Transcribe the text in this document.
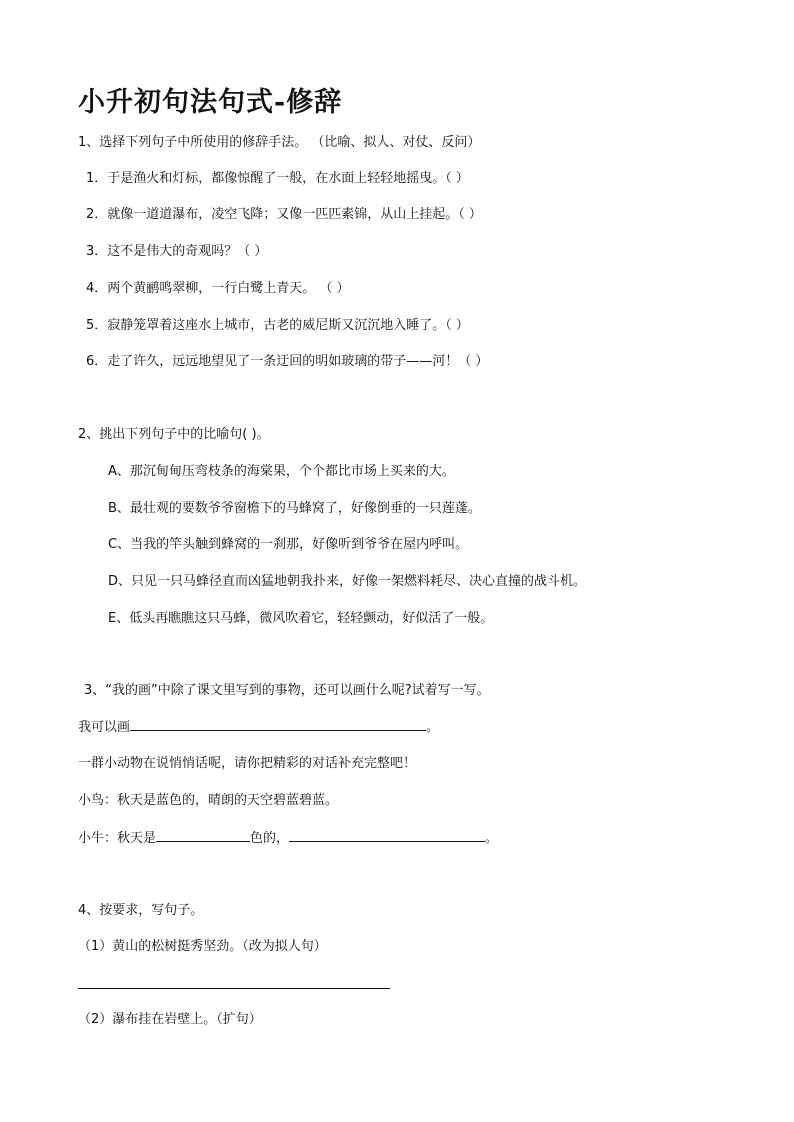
小升初句法句式-修辞
1、选择下列句子中所使用的修辞手法。 （比喻、拟人、对仗、反问）
1．于是渔火和灯标，都像惊醒了一般，在水面上轻轻地摇曳。（ ）
2．就像一道道瀑布，凌空飞降；又像一匹匹素锦，从山上挂起。（ ）
3．这不是伟大的奇观吗？（ ）
4．两个黄鹂鸣翠柳，一行白鹭上青天。 （ ）
5．寂静笼罩着这座水上城市，古老的威尼斯又沉沉地入睡了。（ ）
6．走了许久，远远地望见了一条迂回的明如玻璃的带子——河！（ ）
2、挑出下列句子中的比喻句( )。
A、那沉甸甸压弯枝条的海棠果，个个都比市场上买来的大。
B、最壮观的要数爷爷窗檐下的马蜂窝了，好像倒垂的一只莲蓬。
C、当我的竿头触到蜂窝的一刹那，好像听到爷爷在屋内呼叫。
D、只见一只马蜂径直而凶猛地朝我扑来，好像一架燃料耗尽、决心直撞的战斗机。
E、低头再瞧瞧这只马蜂，微风吹着它，轻轻颤动，好似活了一般。
3、“我的画”中除了课文里写到的事物，还可以画什么呢?试着写一写。
我可以画	。
一群小动物在说悄悄话呢，请你把精彩的对话补充完整吧！
小鸟：秋天是蓝色的，晴朗的天空碧蓝碧蓝。
小牛：秋天是	色的，	。
4、按要求，写句子。
（1）黄山的松树挺秀坚劲。（改为拟人句）
（2）瀑布挂在岩壁上。（扩句）
